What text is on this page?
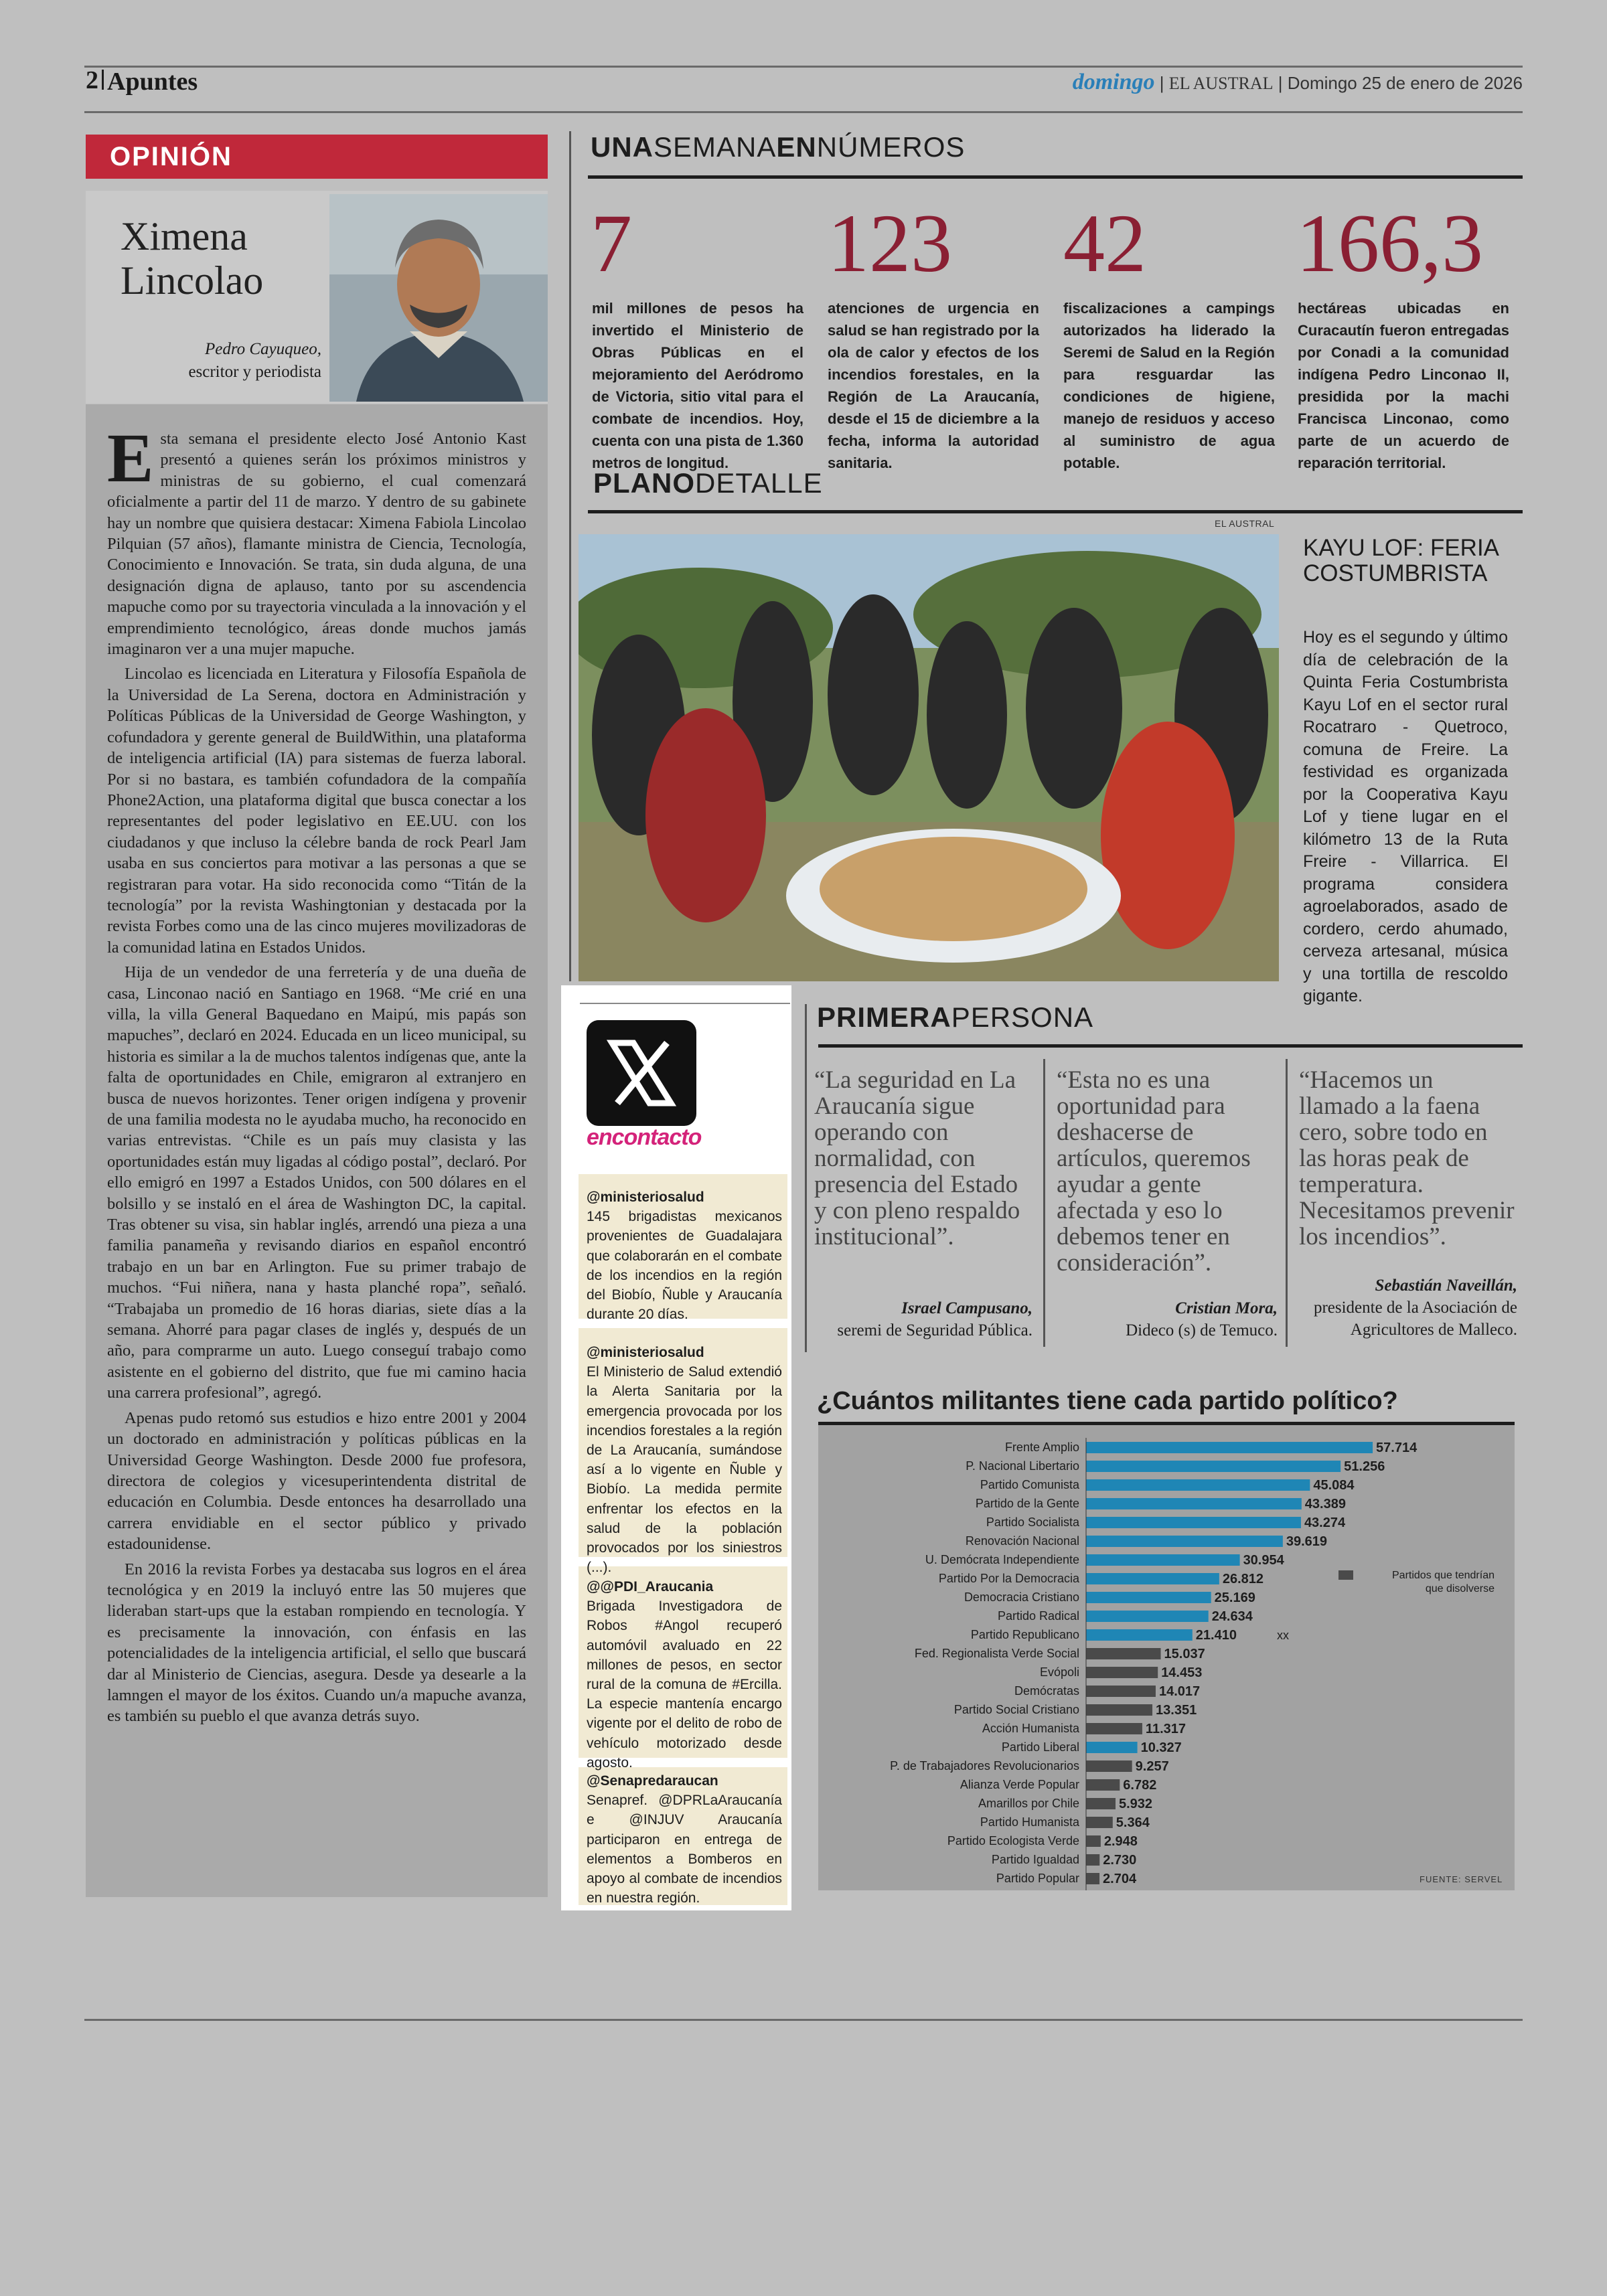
2 Apuntes	domingo | EL AUSTRAL | Domingo 25 de enero de 2026
OPINIÓN
Ximena
Lincolao
Pedro Cayuqueo,
escritor y periodista

Esta semana el presidente electo José Antonio Kast presentó a quienes serán los próximos ministros y ministras de su gobierno, el cual comenzará oficialmente a partir del 11 de marzo. Y dentro de su gabinete hay un nombre que quisiera destacar: Ximena Fabiola Lincolao Pilquian (57 años), flamante ministra de Ciencia, Tecnología, Conocimiento e Innovación. Se trata, sin duda alguna, de una designación digna de aplauso, tanto por su ascendencia mapuche como por su trayectoria vinculada a la innovación y el emprendimiento tecnológico, áreas donde muchos jamás imaginaron ver a una mujer mapuche.

Lincolao es licenciada en Literatura y Filosofía Española de la Universidad de La Serena, doctora en Administración y Políticas Públicas de la Universidad de George Washington, y cofundadora y gerente general de BuildWithin, una plataforma de inteligencia artificial (IA) para sistemas de fuerza laboral. Por si no bastara, es también cofundadora de la compañía Phone2Action, una plataforma digital que busca conectar a los representantes del poder legislativo en EE.UU. con los ciudadanos y que incluso la célebre banda de rock Pearl Jam usaba en sus conciertos para motivar a las personas a que se registraran para votar. Ha sido reconocida como “Titán de la tecnología” por la revista Washingtonian y destacada por la revista Forbes como una de las cinco mujeres movilizadoras de la comunidad latina en Estados Unidos.

Hija de un vendedor de una ferretería y de una dueña de casa, Linconao nació en Santiago en 1968. “Me crié en una villa, la villa General Baquedano en Maipú, mis papás son mapuches”, declaró en 2024. Educada en un liceo municipal, su historia es similar a la de muchos talentos indígenas que, ante la falta de oportunidades en Chile, emigraron al extranjero en busca de nuevos horizontes. Tener origen indígena y provenir de una familia modesta no le ayudaba mucho, ha reconocido en varias entrevistas. “Chile es un país muy clasista y las oportunidades están muy ligadas al código postal”, declaró. Por ello emigró en 1997 a Estados Unidos, con 500 dólares en el bolsillo y se instaló en el área de Washington DC, la capital. Tras obtener su visa, sin hablar inglés, arrendó una pieza a una familia panameña y revisando diarios en español encontró trabajo en un bar en Arlington. Fue su primer trabajo de muchos. “Fui niñera, nana y hasta planché ropa”, señaló. “Trabajaba un promedio de 16 horas diarias, siete días a la semana. Ahorré para pagar clases de inglés y, después de un año, para comprarme un auto. Luego conseguí trabajo como asistente en el gobierno del distrito, que fue mi camino hacia una carrera profesional”, agregó.

Apenas pudo retomó sus estudios e hizo entre 2001 y 2004 un doctorado en administración y políticas públicas en la Universidad George Washington. Desde 2000 fue profesora, directora de colegios y vicesuperintendenta distrital de educación en Columbia. Desde entonces ha desarrollado una carrera envidiable en el sector público y privado estadounidense.

En 2016 la revista Forbes ya destacaba sus logros en el área tecnológica y en 2019 la incluyó entre las 50 mujeres que lideraban start-ups que la estaban rompiendo en tecnología. Y es precisamente la innovación, con énfasis en las potencialidades de la inteligencia artificial, el sello que buscará dar al Ministerio de Ciencias, asegura. Desde ya desearle a la lamngen el mayor de los éxitos. Cuando un/a mapuche avanza, es también su pueblo el que avanza detrás suyo.

UNASEMANAENNÚMEROS
7
mil millones de pesos ha invertido el Ministerio de Obras Públicas en el mejoramiento del Aeródromo de Victoria, sitio vital para el combate de incendios. Hoy, cuenta con una pista de 1.360 metros de longitud.
123
atenciones de urgencia en salud se han registrado por la ola de calor y efectos de los incendios forestales, en la Región de La Araucanía, desde el 15 de diciembre a la fecha, informa la autoridad sanitaria.
42
fiscalizaciones a campings autorizados ha liderado la Seremi de Salud en la Región para resguardar las condiciones de higiene, manejo de residuos y acceso al suministro de agua potable.
166,3
hectáreas ubicadas en Curacautín fueron entregadas por Conadi a la comunidad indígena Pedro Linconao II, presidida por la machi Francisca Linconao, como parte de un acuerdo de reparación territorial.
PLANODETALLE
EL AUSTRAL
KAYU LOF: FERIA COSTUMBRISTA
Hoy es el segundo y último día de celebración de la Quinta Feria Costumbrista Kayu Lof en el sector rural Rocatraro - Quetroco, comuna de Freire. La festividad es organizada por la Cooperativa Kayu Lof y tiene lugar en el kilómetro 13 de la Ruta Freire - Villarrica. El programa considera agroelaborados, asado de cordero, cerdo ahumado, cerveza artesanal, música y una tortilla de rescoldo gigante.
encontacto
@ministeriosalud
145 brigadistas mexicanos provenientes de Guadalajara que colaborarán en el combate de los incendios en la región del Biobío, Ñuble y Araucanía durante 20 días.
@ministeriosalud
El Ministerio de Salud extendió la Alerta Sanitaria por la emergencia provocada por los incendios forestales a la región de La Araucanía, sumándose así a lo vigente en Ñuble y Biobío. La medida permite enfrentar los efectos en la salud de la población provocados por los siniestros (...).
@@PDI_Araucania
Brigada Investigadora de Robos #Angol recuperó automóvil avaluado en 22 millones de pesos, en sector rural de la comuna de #Ercilla. La especie mantenía encargo vigente por el delito de robo de vehículo motorizado desde agosto.
@Senapredaraucan
Senapref. @DPRLaAraucanía e @INJUV Araucanía participaron en entrega de elementos a Bomberos en apoyo al combate de incendios en nuestra región.
PRIMERAPERSONA
“La seguridad en La Araucanía sigue operando con normalidad, con presencia del Estado y con pleno respaldo institucional”.
Israel Campusano,
seremi de Seguridad Pública.
“Esta no es una oportunidad para deshacerse de artículos, queremos ayudar a gente afectada y eso lo debemos tener en consideración”.
Cristian Mora,
Dideco (s) de Temuco.
“Hacemos un llamado a la faena cero, sobre todo en las horas peak de temperatura. Necesitamos prevenir los incendios”.
Sebastián Naveillán,
presidente de la Asociación de Agricultores de Malleco.
¿Cuántos militantes tiene cada partido político?
Frente Amplio	57.714
P. Nacional Libertario	51.256
Partido Comunista	45.084
Partido de la Gente	43.389
Partido Socialista	43.274
Renovación Nacional	39.619
U. Demócrata Independiente	30.954
Partido Por la Democracia	26.812
Democracia Cristiano	25.169
Partido Radical	24.634
Partido Republicano	21.410
Fed. Regionalista Verde Social	15.037
Evópoli	14.453
Demócratas	14.017
Partido Social Cristiano	13.351
Acción Humanista	11.317
Partido Liberal	10.327
P. de Trabajadores Revolucionarios	9.257
Alianza Verde Popular	6.782
Amarillos por Chile	5.932
Partido Humanista	5.364
Partido Ecologista Verde 2.948
Partido Igualdad 2.730
Partido Popular 2.704
xx
Partidos que tendrían
que disolverse
FUENTE: SERVEL
